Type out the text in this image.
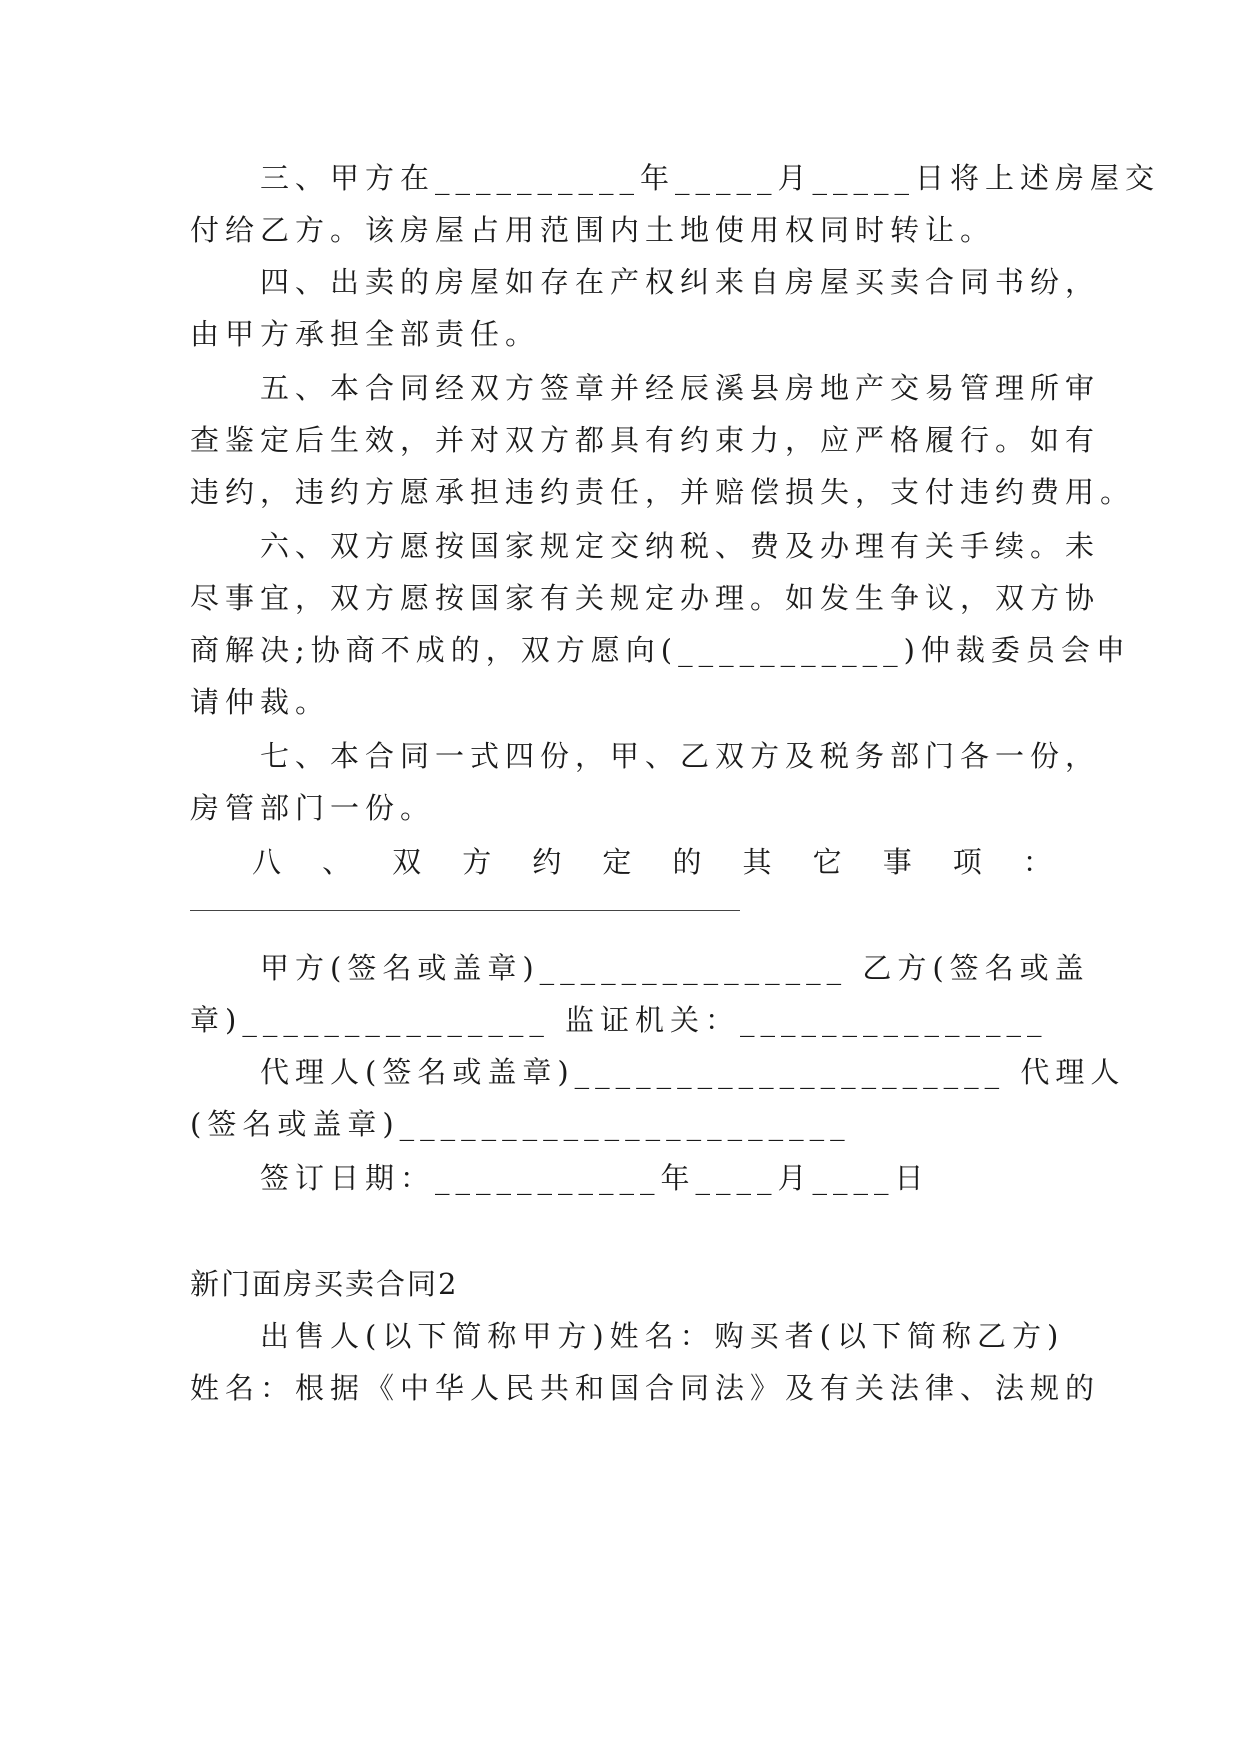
　　三、甲方在__________年_____月_____日将上述房屋交
付给乙方。该房屋占用范围内土地使用权同时转让。
　　四、出卖的房屋如存在产权纠来自房屋买卖合同书纷，
由甲方承担全部责任。
　　五、本合同经双方签章并经辰溪县房地产交易管理所审
查鉴定后生效，并对双方都具有约束力，应严格履行。如有
违约，违约方愿承担违约责任，并赔偿损失，支付违约费用。
　　六、双方愿按国家规定交纳税、费及办理有关手续。未
尽事宜，双方愿按国家有关规定办理。如发生争议，双方协
商解决;协商不成的，双方愿向(___________)仲裁委员会申
请仲裁。
　　七、本合同一式四份，甲、乙双方及税务部门各一份，
房管部门一份。
八 、 双 方 约 定 的 其 它 事 项 ：
　　甲方(签名或盖章)_______________ 乙方(签名或盖
章)_______________ 监证机关：_______________
　　代理人(签名或盖章)_____________________ 代理人
(签名或盖章)______________________
　　签订日期：___________年____月____日
新门面房买卖合同2
　　出售人(以下简称甲方)姓名：购买者(以下简称乙方)
姓名：根据《中华人民共和国合同法》及有关法律、法规的
